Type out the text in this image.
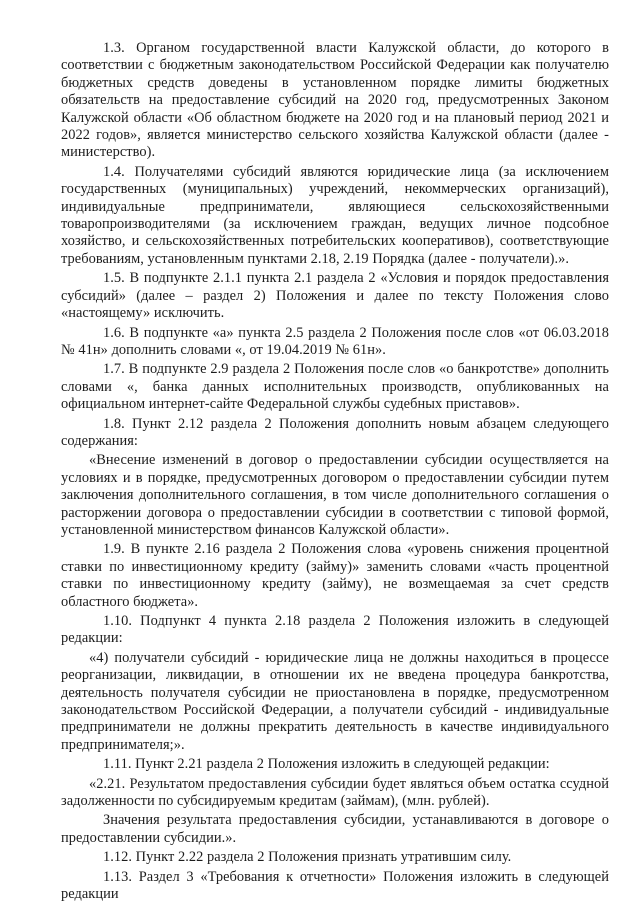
1.3. Органом государственной власти Калужской области, до которого в соответствии с бюджетным законодательством Российской Федерации как получателю бюджетных средств доведены в установленном порядке лимиты бюджетных обязательств на предоставление субсидий на 2020 год, предусмотренных Законом Калужской области «Об областном бюджете на 2020 год и на плановый период 2021 и 2022 годов», является министерство сельского хозяйства Калужской области (далее - министерство).

1.4. Получателями субсидий являются юридические лица (за исключением государственных (муниципальных) учреждений, некоммерческих организаций), индивидуальные предприниматели, являющиеся сельскохозяйственными товаропроизводителями (за исключением граждан, ведущих личное подсобное хозяйство, и сельскохозяйственных потребительских кооперативов), соответствующие требованиям, установленным пунктами 2.18, 2.19 Порядка (далее - получатели).».

1.5. В подпункте 2.1.1 пункта 2.1 раздела 2 «Условия и порядок предоставления субсидий» (далее – раздел 2) Положения и далее по тексту Положения слово «настоящему» исключить.

1.6. В подпункте «а» пункта 2.5 раздела 2 Положения после слов «от 06.03.2018 № 41н» дополнить словами «, от 19.04.2019 № 61н».

1.7. В подпункте 2.9 раздела 2 Положения после слов «о банкротстве» дополнить словами «, банка данных исполнительных производств, опубликованных на официальном интернет-сайте Федеральной службы судебных приставов».

1.8. Пункт 2.12 раздела 2 Положения дополнить новым абзацем следующего содержания:

«Внесение изменений в договор о предоставлении субсидии осуществляется на условиях и в порядке, предусмотренных договором о предоставлении субсидии путем заключения дополнительного соглашения, в том числе дополнительного соглашения о расторжении договора о предоставлении субсидии в соответствии с типовой формой, установленной министерством финансов Калужской области».

1.9. В пункте 2.16 раздела 2 Положения слова «уровень снижения процентной ставки по инвестиционному кредиту (займу)» заменить словами «часть процентной ставки по инвестиционному кредиту (займу), не возмещаемая за счет средств областного бюджета».

1.10. Подпункт 4 пункта 2.18 раздела 2 Положения изложить в следующей редакции:

«4) получатели субсидий - юридические лица не должны находиться в процессе реорганизации, ликвидации, в отношении их не введена процедура банкротства, деятельность получателя субсидии не приостановлена в порядке, предусмотренном законодательством Российской Федерации, а получатели субсидий - индивидуальные предприниматели не должны прекратить деятельность в качестве индивидуального предпринимателя;».

1.11. Пункт 2.21 раздела 2 Положения изложить в следующей редакции:

«2.21. Результатом предоставления субсидии будет являться объем остатка ссудной задолженности по субсидируемым кредитам (займам), (млн. рублей).

Значения результата предоставления субсидии, устанавливаются в договоре о предоставлении субсидии.».

1.12. Пункт 2.22 раздела 2 Положения признать утратившим силу.

1.13. Раздел 3 «Требования к отчетности» Положения изложить в следующей редакции
